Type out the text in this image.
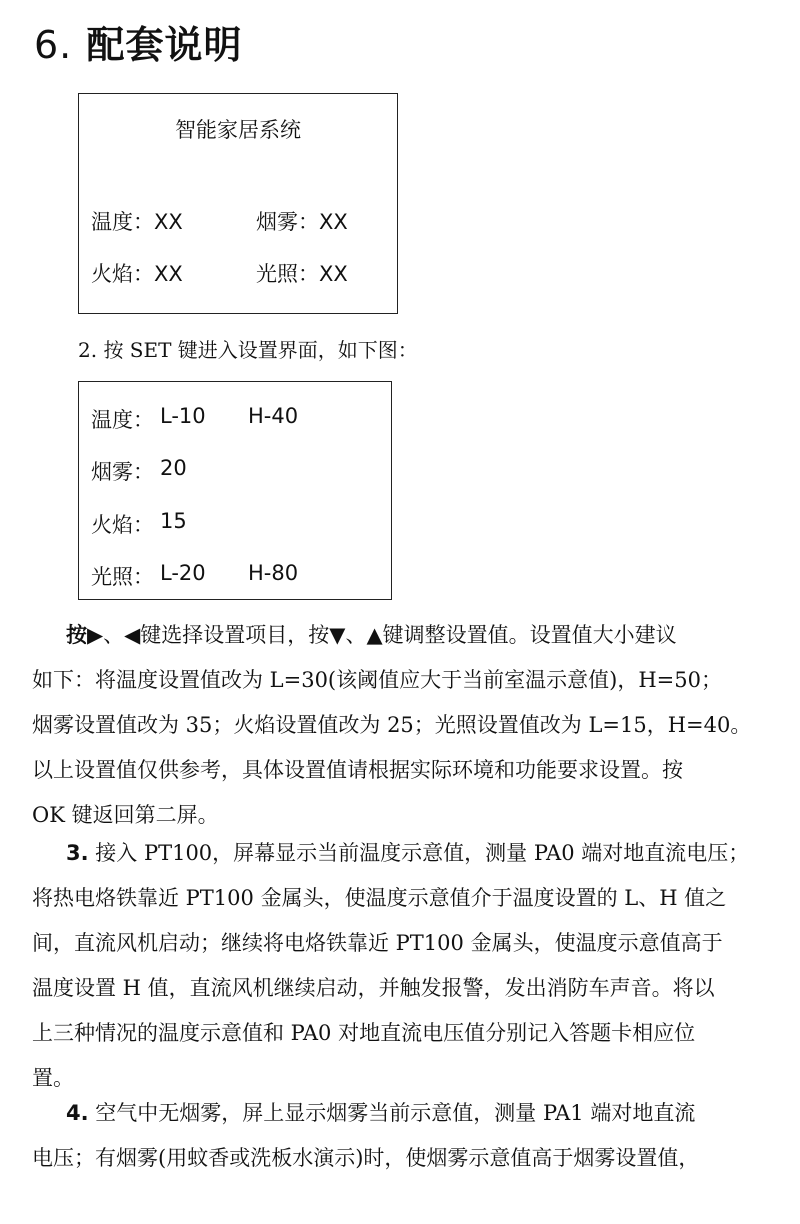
6. 配套说明
智能家居系统
温度：XX	烟雾：XX
火焰：XX	光照：XX
2. 按 SET 键进入设置界面，如下图：
温度： L-10 H-40
烟雾： 20
火焰： 15
光照： L-20 H-80
按▶、◀键选择设置项目，按▼、▲键调整设置值。设置值大小建议
如下：将温度设置值改为 L=30(该阈值应大于当前室温示意值)，H=50；
烟雾设置值改为 35；火焰设置值改为 25；光照设置值改为 L=15，H=40。
以上设置值仅供参考，具体设置值请根据实际环境和功能要求设置。按
OK 键返回第二屏。
3. 接入 PT100，屏幕显示当前温度示意值，测量 PA0 端对地直流电压；
将热电烙铁靠近 PT100 金属头，使温度示意值介于温度设置的 L、H 值之
间，直流风机启动；继续将电烙铁靠近 PT100 金属头，使温度示意值高于
温度设置 H 值，直流风机继续启动，并触发报警，发出消防车声音。将以
上三种情况的温度示意值和 PA0 对地直流电压值分别记入答题卡相应位
置。
4. 空气中无烟雾，屏上显示烟雾当前示意值，测量 PA1 端对地直流
电压；有烟雾(用蚊香或洗板水演示)时，使烟雾示意值高于烟雾设置值，
